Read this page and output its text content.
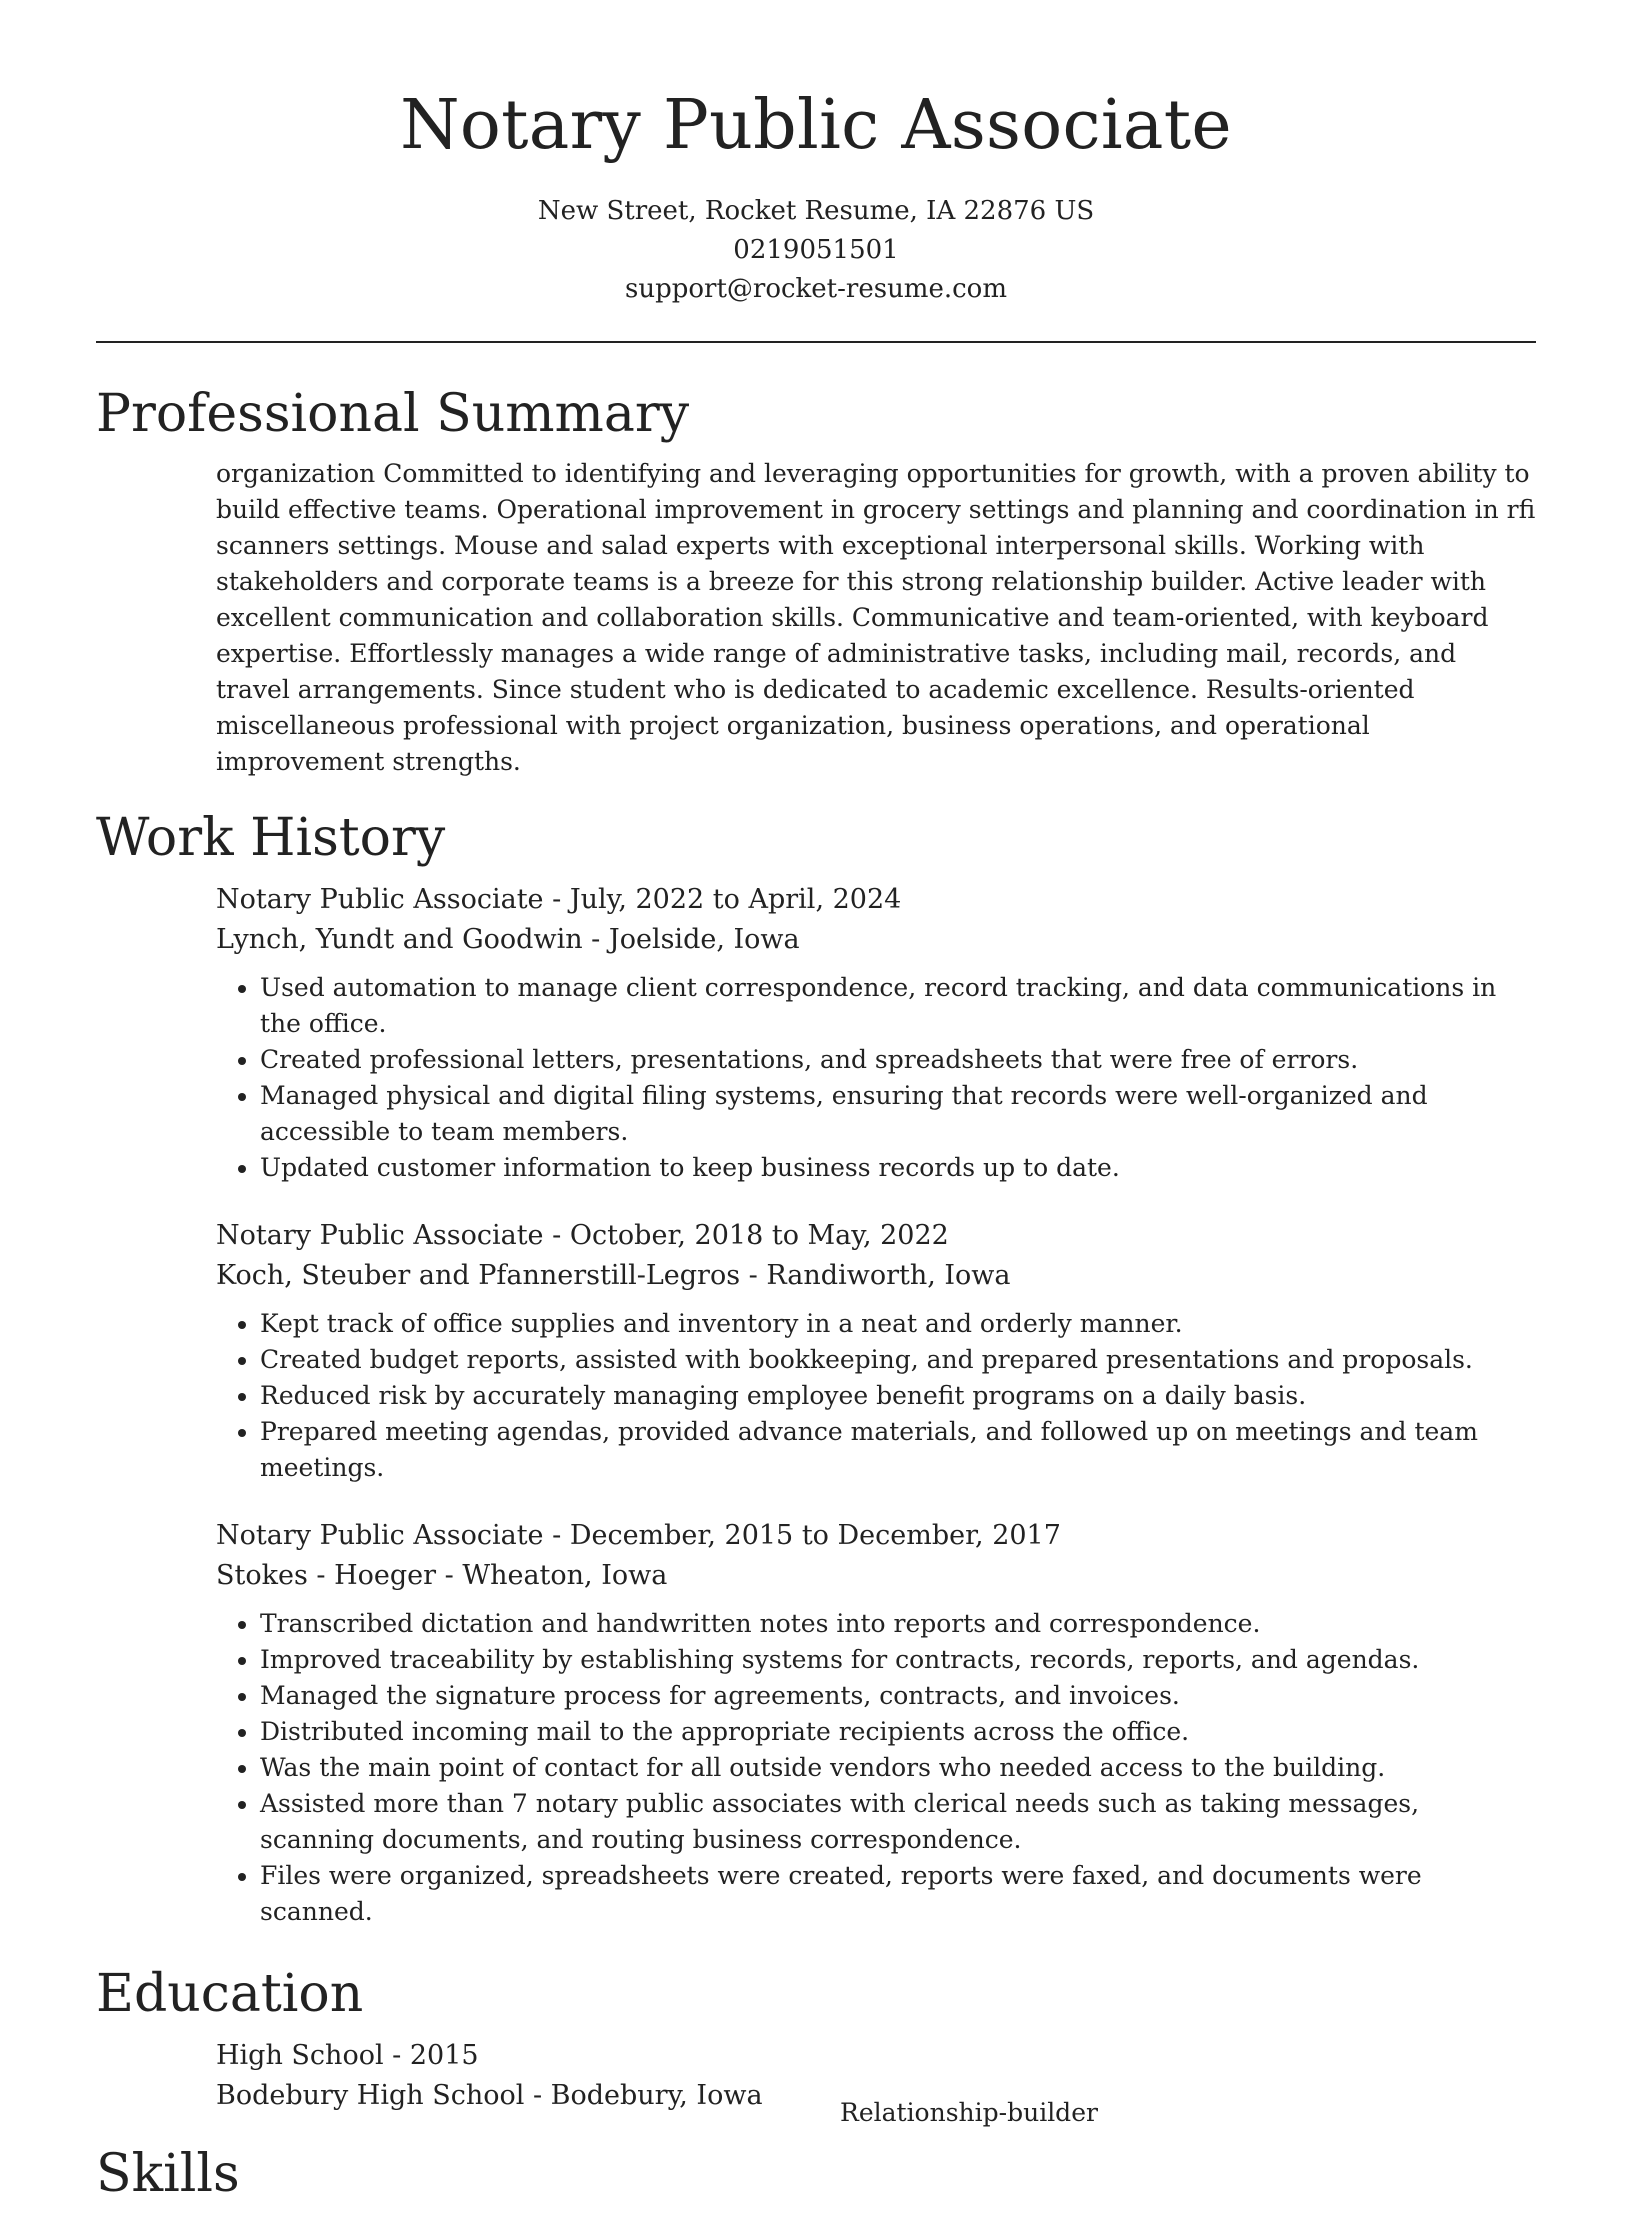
Notary Public Associate
New Street, Rocket Resume, IA 22876 US
0219051501
support@rocket-resume.com
Professional Summary

organization Committed to identifying and leveraging opportunities for growth, with a proven ability to build effective teams. Operational improvement in grocery settings and planning and coordination in rfi scanners settings. Mouse and salad experts with exceptional interpersonal skills. Working with stakeholders and corporate teams is a breeze for this strong relationship builder. Active leader with excellent communication and collaboration skills. Communicative and team-oriented, with keyboard expertise. Effortlessly manages a wide range of administrative tasks, including mail, records, and travel arrangements. Since student who is dedicated to academic excellence. Results-oriented miscellaneous professional with project organization, business operations, and operational improvement strengths.

Work History
Notary Public Associate - July, 2022 to April, 2024
Lynch, Yundt and Goodwin - Joelside, Iowa
• Used automation to manage client correspondence, record tracking, and data communications in the office.
• Created professional letters, presentations, and spreadsheets that were free of errors.
• Managed physical and digital filing systems, ensuring that records were well-organized and accessible to team members.
• Updated customer information to keep business records up to date.
Notary Public Associate - October, 2018 to May, 2022
Koch, Steuber and Pfannerstill-Legros - Randiworth, Iowa
• Kept track of office supplies and inventory in a neat and orderly manner.
• Created budget reports, assisted with bookkeeping, and prepared presentations and proposals.
• Reduced risk by accurately managing employee benefit programs on a daily basis.
• Prepared meeting agendas, provided advance materials, and followed up on meetings and team meetings.
Notary Public Associate - December, 2015 to December, 2017
Stokes - Hoeger - Wheaton, Iowa
• Transcribed dictation and handwritten notes into reports and correspondence.
• Improved traceability by establishing systems for contracts, records, reports, and agendas.
• Managed the signature process for agreements, contracts, and invoices.
• Distributed incoming mail to the appropriate recipients across the office.
• Was the main point of contact for all outside vendors who needed access to the building.
• Assisted more than 7 notary public associates with clerical needs such as taking messages, scanning documents, and routing business correspondence.
• Files were organized, spreadsheets were created, reports were faxed, and documents were scanned.
Education
High School - 2015
Bodebury High School - Bodebury, Iowa
Skills
Relationship-builder
